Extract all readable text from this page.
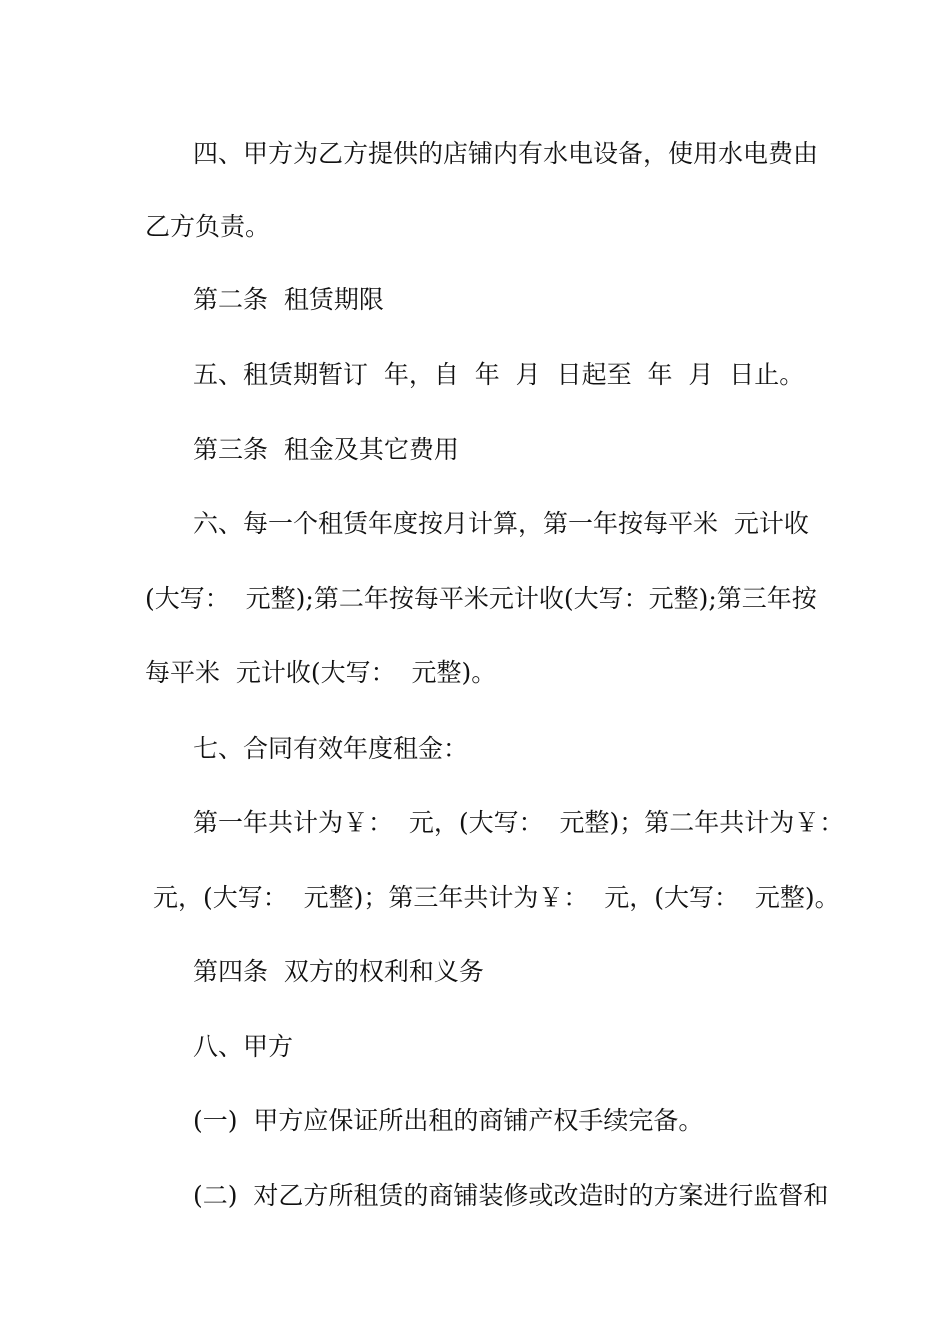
四、甲方为乙方提供的店铺内有水电设备，使用水电费由
乙方负责。
第二条  租赁期限
五、租赁期暂订  年，自  年  月  日起至  年  月  日止。
第三条  租金及其它费用
六、每一个租赁年度按月计算，第一年按每平米  元计收
(大写：  元整);第二年按每平米元计收(大写：元整);第三年按
每平米  元计收(大写：  元整)。
七、合同有效年度租金：
第一年共计为￥：  元，(大写：  元整)；第二年共计为￥：
元，(大写：  元整)；第三年共计为￥：  元，(大写：  元整)。
第四条  双方的权利和义务
八、甲方
(一)  甲方应保证所出租的商铺产权手续完备。
(二)  对乙方所租赁的商铺装修或改造时的方案进行监督和
